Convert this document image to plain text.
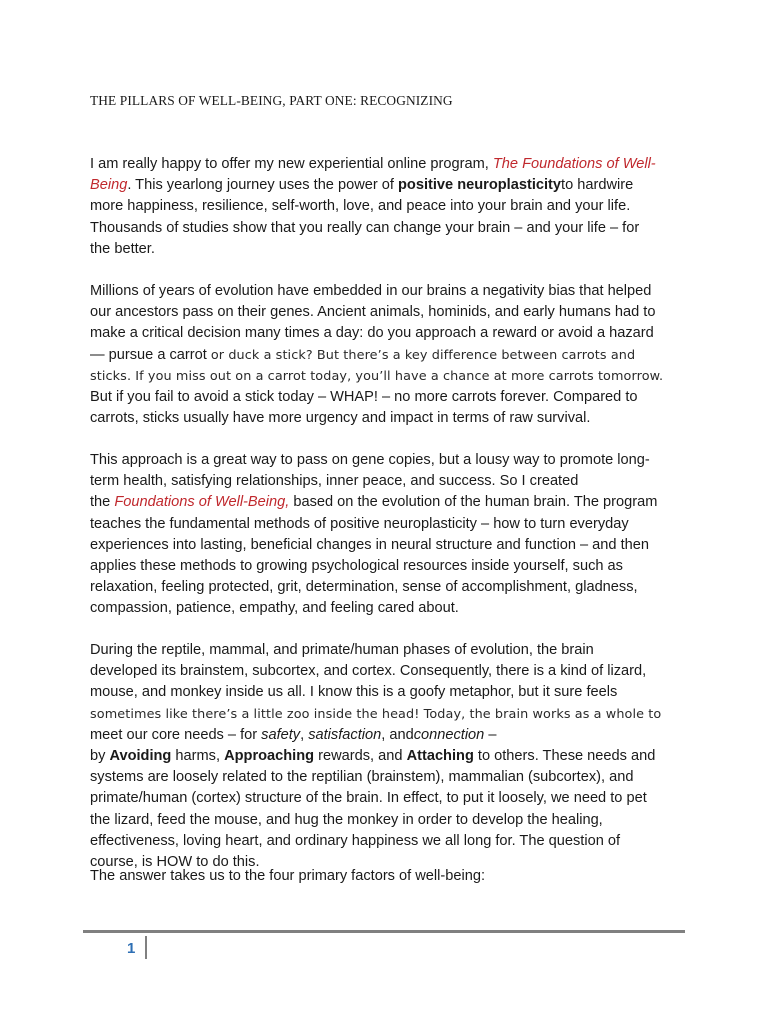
THE PILLARS OF WELL-BEING, PART ONE: RECOGNIZING
I am really happy to offer my new experiential online program, The Foundations of Well-
Being. This yearlong journey uses the power of positive neuroplasticityto hardwire
more happiness, resilience, self-worth, love, and peace into your brain and your life.
Thousands of studies show that you really can change your brain – and your life – for
the better.
Millions of years of evolution have embedded in our brains a negativity bias that helped
our ancestors pass on their genes. Ancient animals, hominids, and early humans had to
make a critical decision many times a day: do you approach a reward or avoid a hazard
— pursue a carrot or duck a stick? But there’s a key difference between carrots and
sticks. If you miss out on a carrot today, you’ll have a chance at more carrots tomorrow.
But if you fail to avoid a stick today – WHAP! – no more carrots forever. Compared to
carrots, sticks usually have more urgency and impact in terms of raw survival.
This approach is a great way to pass on gene copies, but a lousy way to promote long-
term health, satisfying relationships, inner peace, and success. So I created
the Foundations of Well-Being, based on the evolution of the human brain. The program
teaches the fundamental methods of positive neuroplasticity – how to turn everyday
experiences into lasting, beneficial changes in neural structure and function – and then
applies these methods to growing psychological resources inside yourself, such as
relaxation, feeling protected, grit, determination, sense of accomplishment, gladness,
compassion, patience, empathy, and feeling cared about.
During the reptile, mammal, and primate/human phases of evolution, the brain
developed its brainstem, subcortex, and cortex. Consequently, there is a kind of lizard,
mouse, and monkey inside us all. I know this is a goofy metaphor, but it sure feels
sometimes like there’s a little zoo inside the head! Today, the brain works as a whole to
meet our core needs – for safety, satisfaction, andconnection –
by Avoiding harms, Approaching rewards, and Attaching to others. These needs and
systems are loosely related to the reptilian (brainstem), mammalian (subcortex), and
primate/human (cortex) structure of the brain. In effect, to put it loosely, we need to pet
the lizard, feed the mouse, and hug the monkey in order to develop the healing,
effectiveness, loving heart, and ordinary happiness we all long for. The question of
course, is HOW to do this.
The answer takes us to the four primary factors of well-being:
1
